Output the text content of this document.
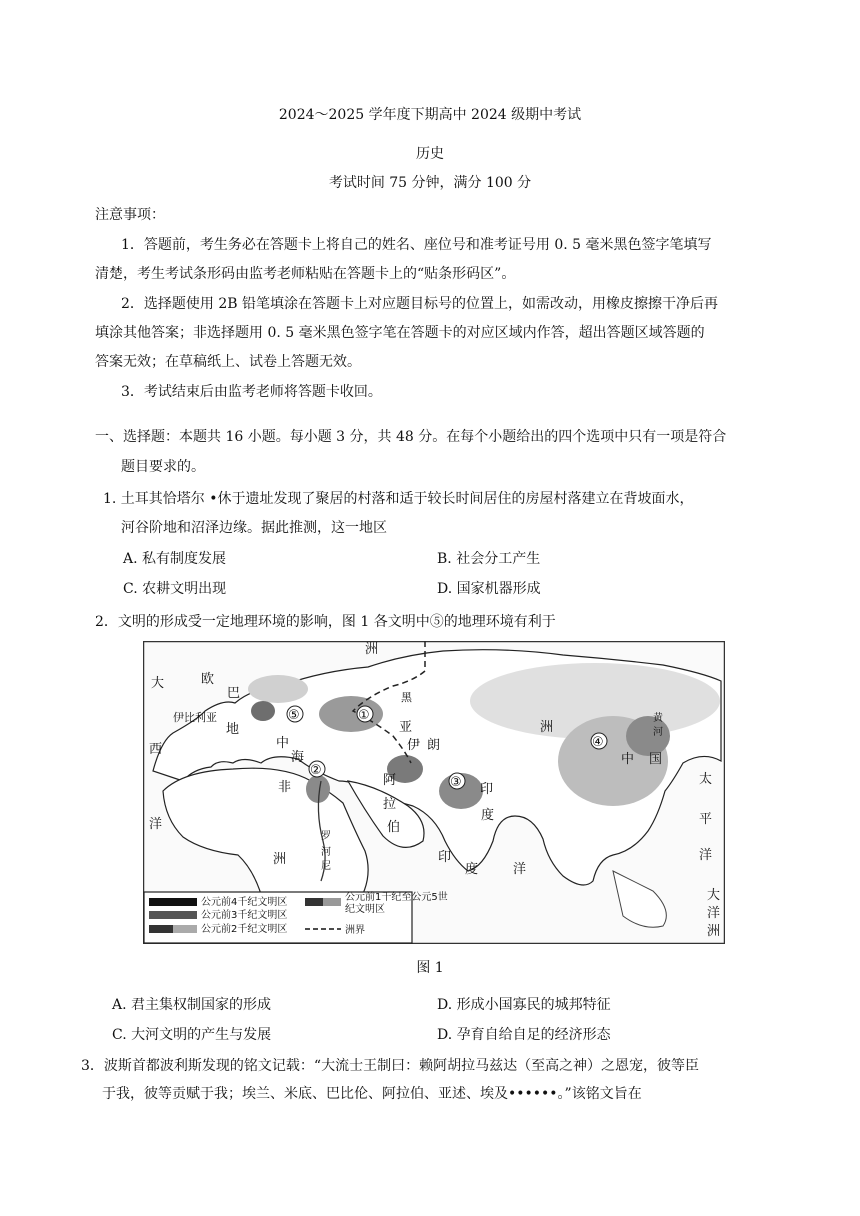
2024～2025 学年度下期高中 2024 级期中考试
历史
考试时间 75 分钟，满分 100 分
注意事项：
1．答题前，考生务必在答题卡上将自己的姓名、座位号和准考证号用 0. 5 毫米黑色签字笔填写
清楚，考生考试条形码由监考老师粘贴在答题卡上的“贴条形码区”。
2．选择题使用 2B 铅笔填涂在答题卡上对应题目标号的位置上，如需改动，用橡皮擦擦干净后再
填涂其他答案；非选择题用 0. 5 毫米黑色签字笔在答题卡的对应区域内作答，超出答题区域答题的
答案无效；在草稿纸上、试卷上答题无效。
3．考试结束后由监考老师将答题卡收回。
一、选择题：本题共 16 小题。每小题 3 分，共 48 分。在每个小题给出的四个选项中只有一项是符合
题目要求的。
1. 土耳其恰塔尔 •休于遗址发现了聚居的村落和适于较长时间居住的房屋村落建立在背坡面水，
河谷阶地和沼泽边缘。据此推测，这一地区
A. 私有制度发展	B. 社会分工产生
C. 农耕文明出现	D. 国家机器形成
2．文明的形成受一定地理环境的影响，图 1 各文明中⑤的地理环境有利于
①
②
③
④
⑤
大
西
洋
欧
洲
巴
伊比利亚
地
中
海
非
洲	尼
罗
河
黑
亚
伊 朗
阿
拉
伯
印
度
印
度	洋
洲
中 国
黄
河
太
平
洋
大
洋
洲
公元前4千纪文明区
公元前3千纪文明区
公元前2千纪文明区
公元前1千纪至公元5世
纪文明区
洲界
图 1
A. 君主集权制国家的形成	D. 形成小国寡民的城邦特征
C. 大河文明的产生与发展	D. 孕育自给自足的经济形态
3．波斯首都波利斯发现的铭文记载：“大流士王制曰：赖阿胡拉马兹达（至高之神）之恩宠，彼等臣
于我，彼等贡赋于我；埃兰、米底、巴比伦、阿拉伯、亚述、埃及••••••。”该铭文旨在
